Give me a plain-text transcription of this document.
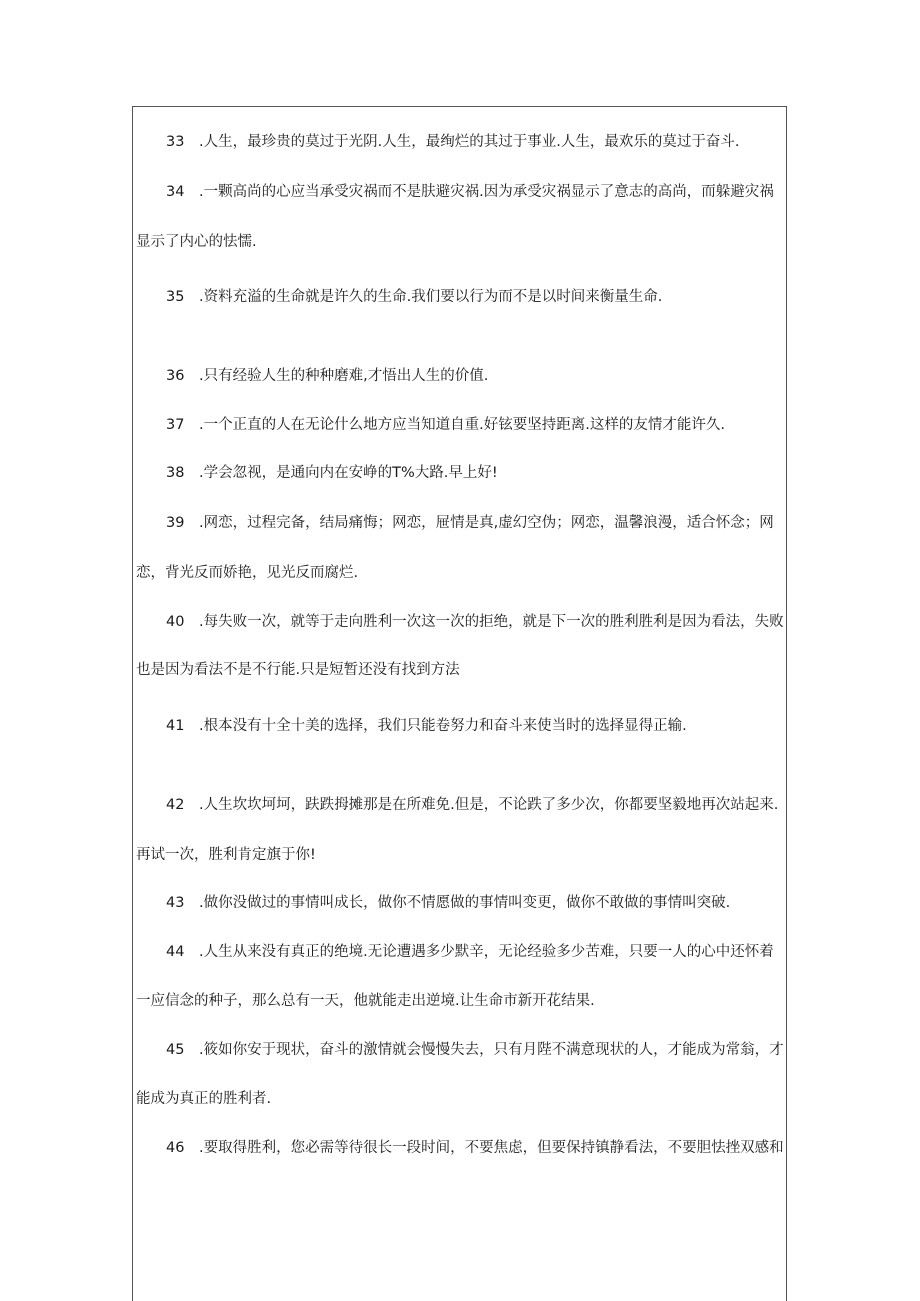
33 .人生，最珍贵的莫过于光阴.人生，最绚烂的其过于事业.人生，最欢乐的莫过于奋斗.
34 .一颗高尚的心应当承受灾祸而不是肤避灾祸.因为承受灾祸显示了意志的高尚，而躲避灾祸
显示了内心的怯懦.
35 .资料充溢的生命就是许久的生命.我们要以行为而不是以时间来衡量生命.
36 .只有经验人生的种种磨难,才悟出人生的价值.
37 .一个正直的人在无论什么地方应当知道自重.好铉要坚持距离.这样的友情才能许久.
38 .学会忽视，是通向内在安峥的T%大路.早上好!
39 .网恋，过程完备，结局痛悔；网恋，屉情是真,虚幻空伪；网恋，温馨浪漫，适合怀念；网
恋，背光反而娇艳，见光反而腐烂.
40 .每失败一次，就等于走向胜利一次这一次的拒绝，就是下一次的胜利胜利是因为看法，失败
也是因为看法不是不行能.只是短暂还没有找到方法
41 .根本没有十全十美的选择，我们只能卷努力和奋斗来使当时的选择显得正输.
42 .人生坎坎坷坷，趺跌拇摊那是在所难免.但是，不论跌了多少次，你都要坚毅地再次站起来.
再试一次，胜利肯定旗于你!
43 .做你没做过的事情叫成长，做你不情愿做的事情叫变更，做你不敢做的事情叫突破.
44 .人生从来没有真正的绝境.无论遭遇多少默辛，无论经验多少苦难，只要一人的心中还怀着
一应信念的种子，那么总有一天，他就能走出逆境.让生命市新开花结果.
45 .筱如你安于现状，奋斗的激情就会慢慢失去，只有月陛不满意现状的人，才能成为常翁，才
能成为真正的胜利者.
46 .要取得胜利，您必需等待很长一段时间，不要焦虑，但要保持镇静看法，不要胆怯挫双感和
